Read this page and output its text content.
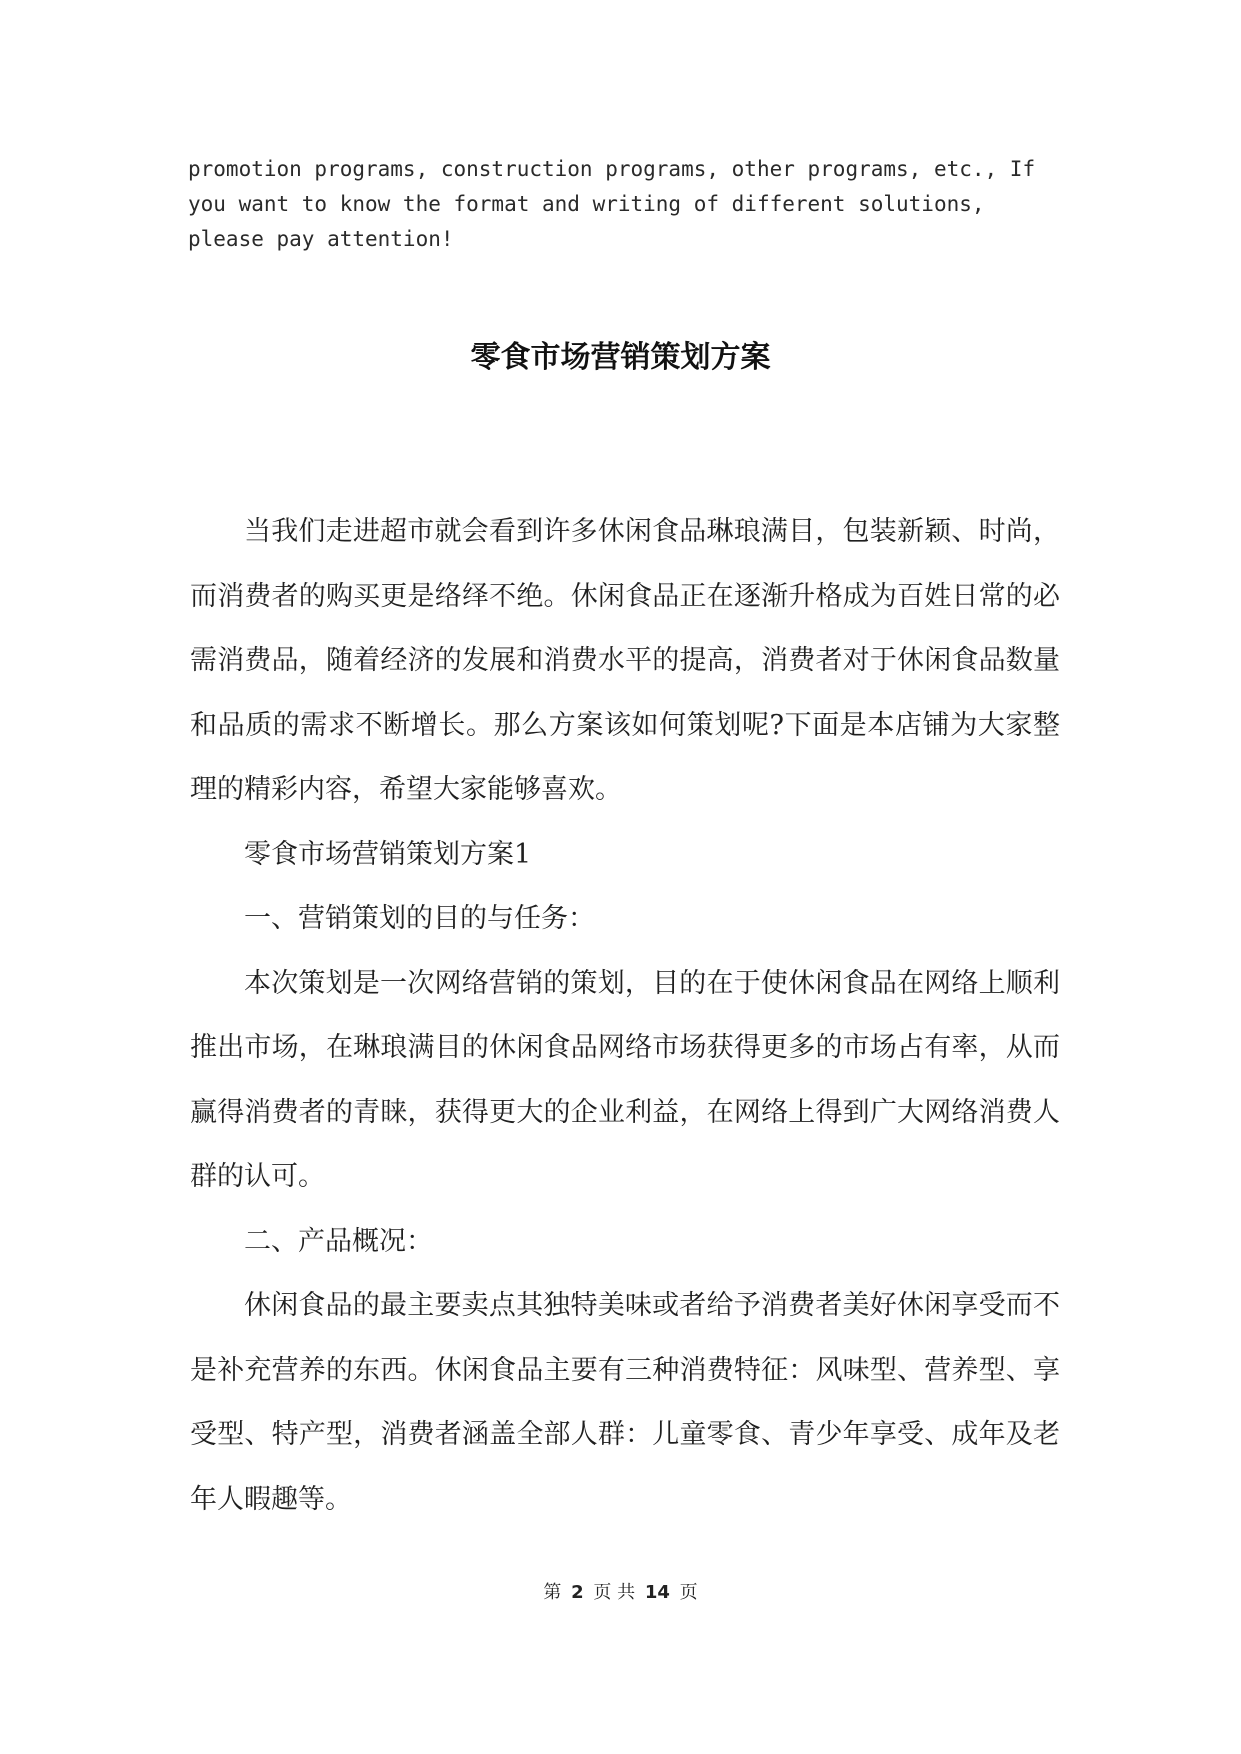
promotion programs, construction programs, other programs, etc., If
you want to know the format and writing of different solutions,
please pay attention!

零食市场营销策划方案

当我们走进超市就会看到许多休闲食品琳琅满目，包装新颖、时尚，而消费者的购买更是络绎不绝。休闲食品正在逐渐升格成为百姓日常的必需消费品，随着经济的发展和消费水平的提高，消费者对于休闲食品数量和品质的需求不断增长。那么方案该如何策划呢?下面是本店铺为大家整理的精彩内容，希望大家能够喜欢。

零食市场营销策划方案1

一、营销策划的目的与任务：

本次策划是一次网络营销的策划，目的在于使休闲食品在网络上顺利推出市场，在琳琅满目的休闲食品网络市场获得更多的市场占有率，从而赢得消费者的青睐，获得更大的企业利益，在网络上得到广大网络消费人群的认可。

二、产品概况：

休闲食品的最主要卖点其独特美味或者给予消费者美好休闲享受而不是补充营养的东西。休闲食品主要有三种消费特征：风味型、营养型、享受型、特产型，消费者涵盖全部人群：儿童零食、青少年享受、成年及老年人暇趣等。

第 2 页 共 14 页
